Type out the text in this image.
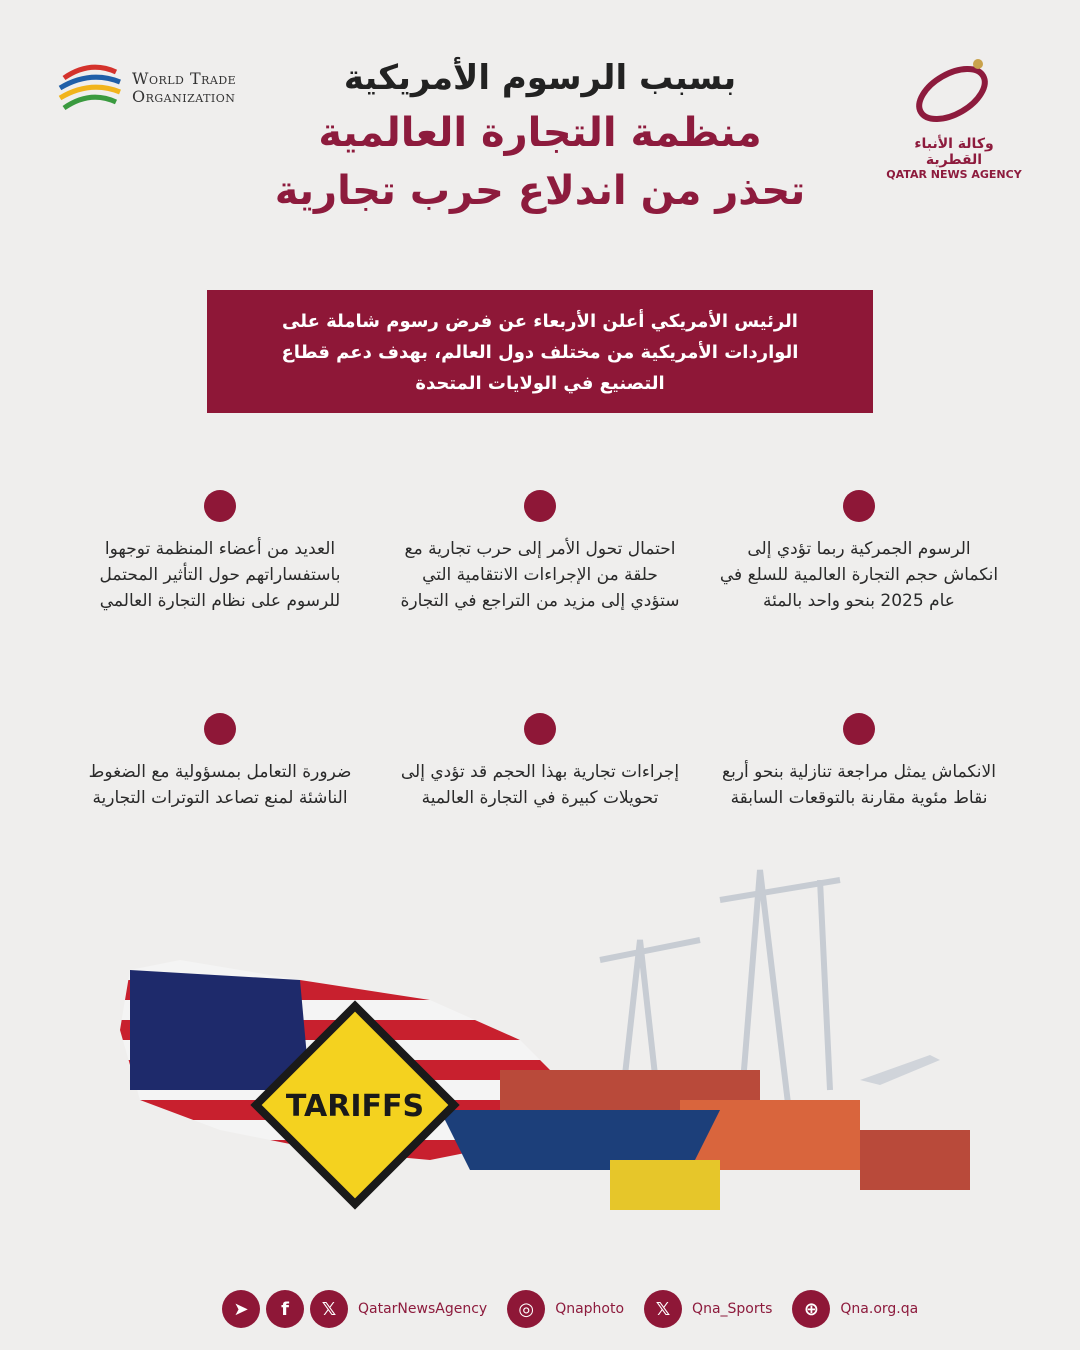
World Trade
Organization
وكالة الأنباء القطرية
QATAR NEWS AGENCY
بسبب الرسوم الأمريكية
منظمة التجارة العالمية
تحذر من اندلاع حرب تجارية
الرئيس الأمريكي أعلن الأربعاء عن فرض رسوم شاملة على الواردات الأمريكية من مختلف دول العالم، بهدف دعم قطاع التصنيع في الولايات المتحدة
الرسوم الجمركية ربما تؤدي إلى انكماش حجم التجارة العالمية للسلع في عام 2025 بنحو واحد بالمئة
احتمال تحول الأمر إلى حرب تجارية مع حلقة من الإجراءات الانتقامية التي ستؤدي إلى مزيد من التراجع في التجارة
العديد من أعضاء المنظمة توجهوا باستفساراتهم حول التأثير المحتمل للرسوم على نظام التجارة العالمي
الانكماش يمثل مراجعة تنازلية بنحو أربع نقاط مئوية مقارنة بالتوقعات السابقة
إجراءات تجارية بهذا الحجم قد تؤدي إلى تحويلات كبيرة في التجارة العالمية
ضرورة التعامل بمسؤولية مع الضغوط الناشئة لمنع تصاعد التوترات التجارية
TARIFFS
➤	f	𝕏	QatarNewsAgency	◎	Qnaphoto	𝕏	Qna_Sports	⊕	Qna.org.qa
